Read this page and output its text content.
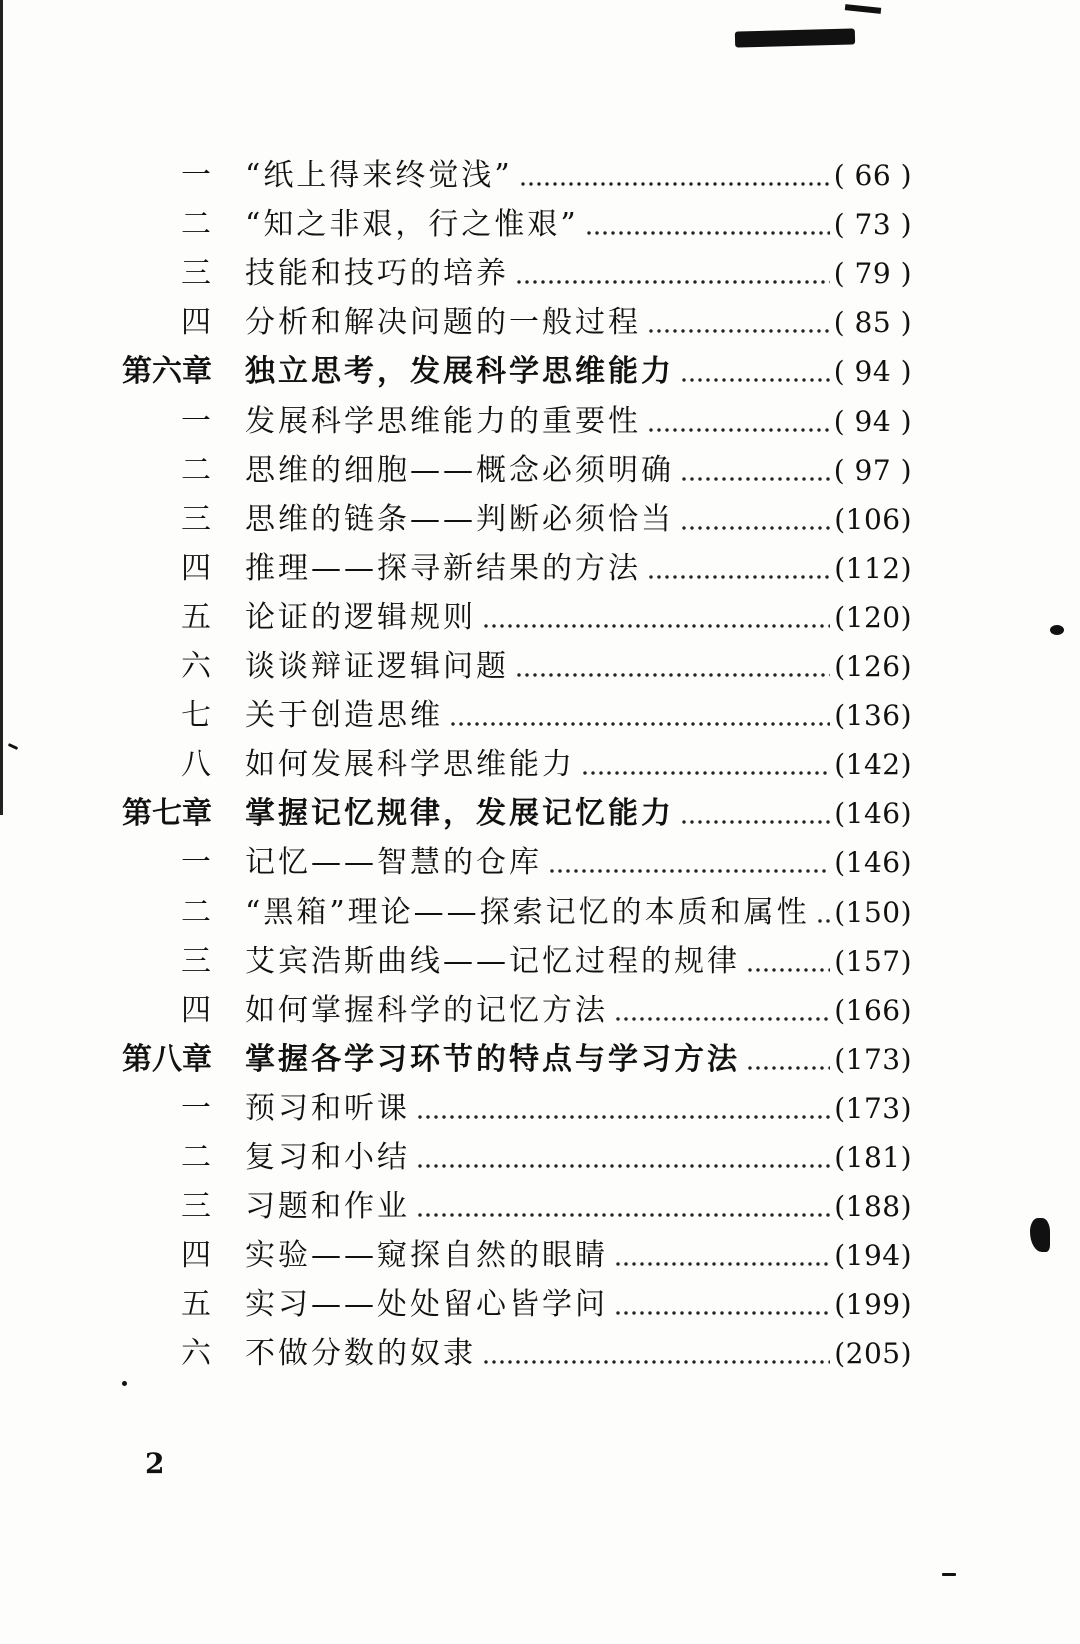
一 “纸上得来终觉浅”	( 66 )
二 “知之非艰，行之惟艰”	( 73 )
三 技能和技巧的培养	( 79 )
四 分析和解决问题的一般过程	( 85 )
第六章 独立思考，发展科学思维能力	( 94 )
一 发展科学思维能力的重要性	( 94 )
二 思维的细胞——概念必须明确	( 97 )
三 思维的链条——判断必须恰当	(106)
四 推理——探寻新结果的方法	(112)
五 论证的逻辑规则	(120)
六 谈谈辩证逻辑问题	(126)
七 关于创造思维	(136)
八 如何发展科学思维能力	(142)
第七章 掌握记忆规律，发展记忆能力	(146)
一 记忆——智慧的仓库	(146)
二 “黑箱”理论——探索记忆的本质和属性 (150)
三 艾宾浩斯曲线——记忆过程的规律	(157)
四 如何掌握科学的记忆方法	(166)
第八章 掌握各学习环节的特点与学习方法	(173)
一 预习和听课	(173)
二 复习和小结	(181)
三 习题和作业	(188)
四 实验——窥探自然的眼睛	(194)
五 实习——处处留心皆学问	(199)
六 不做分数的奴隶	(205)
2
